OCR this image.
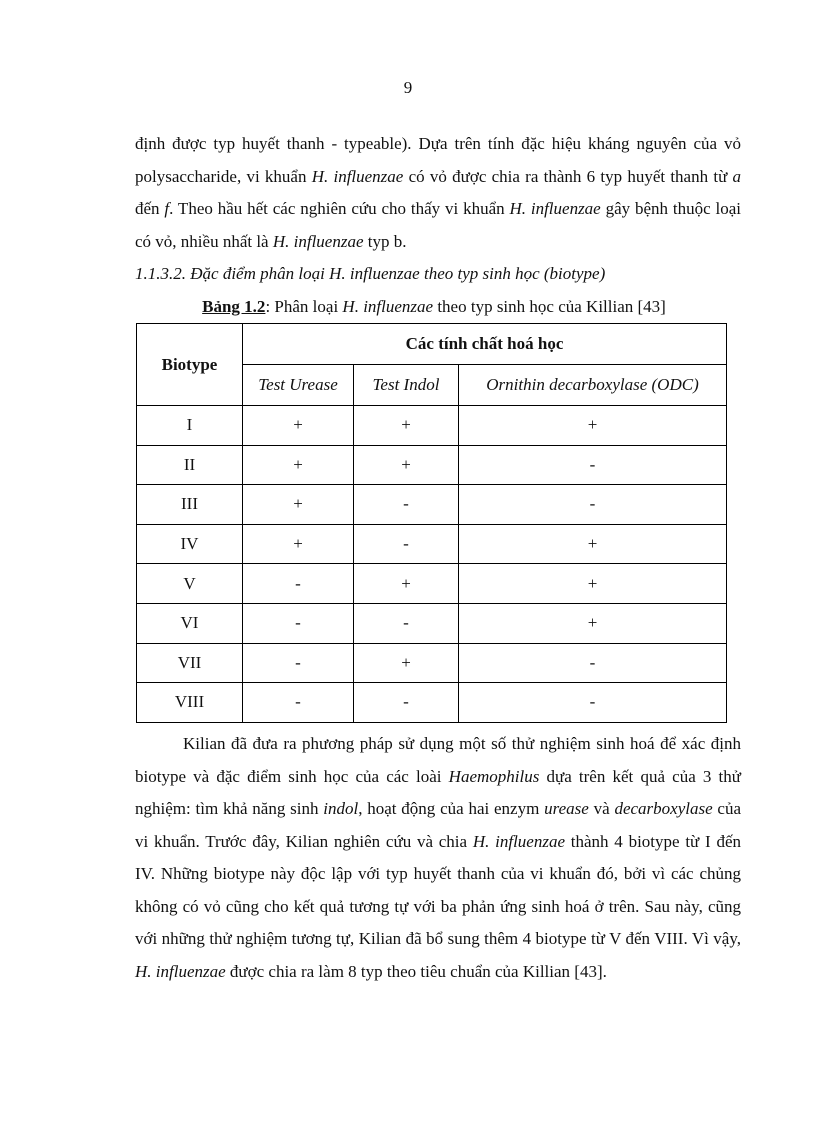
9

định được typ huyết thanh - typeable). Dựa trên tính đặc hiệu kháng nguyên của vỏ polysaccharide, vi khuẩn H. influenzae có vỏ được chia ra thành 6 typ huyết thanh từ a đến f. Theo hầu hết các nghiên cứu cho thấy vi khuẩn H. influenzae gây bệnh thuộc loại có vỏ, nhiều nhất là H. influenzae typ b.

1.1.3.2. Đặc điểm phân loại H. influenzae theo typ sinh học (biotype)

Bảng 1.2: Phân loại H. influenzae theo typ sinh học của Killian [43]
Biotype	Các tính chất hoá học		
	Test Urease	Test Indol	Ornithin decarboxylase (ODC)
I	+	+	+
II	+	+	-
III	+	-	-
IV	+	-	+
V	-	+	+
VI	-	-	+
VII	-	+	-
VIII	-	-	-

Kilian đã đưa ra phương pháp sử dụng một số thử nghiệm sinh hoá để xác định biotype và đặc điểm sinh học của các loài Haemophilus dựa trên kết quả của 3 thử nghiệm: tìm khả năng sinh indol, hoạt động của hai enzym urease và decarboxylase của vi khuẩn. Trước đây, Kilian nghiên cứu và chia H. influenzae thành 4 biotype từ I đến IV. Những biotype này độc lập với typ huyết thanh của vi khuẩn đó, bởi vì các chủng không có vỏ cũng cho kết quả tương tự với ba phản ứng sinh hoá ở trên. Sau này, cũng với những thử nghiệm tương tự, Kilian đã bổ sung thêm 4 biotype từ V đến VIII. Vì vậy, H. influenzae được chia ra làm 8 typ theo tiêu chuẩn của Killian [43].
